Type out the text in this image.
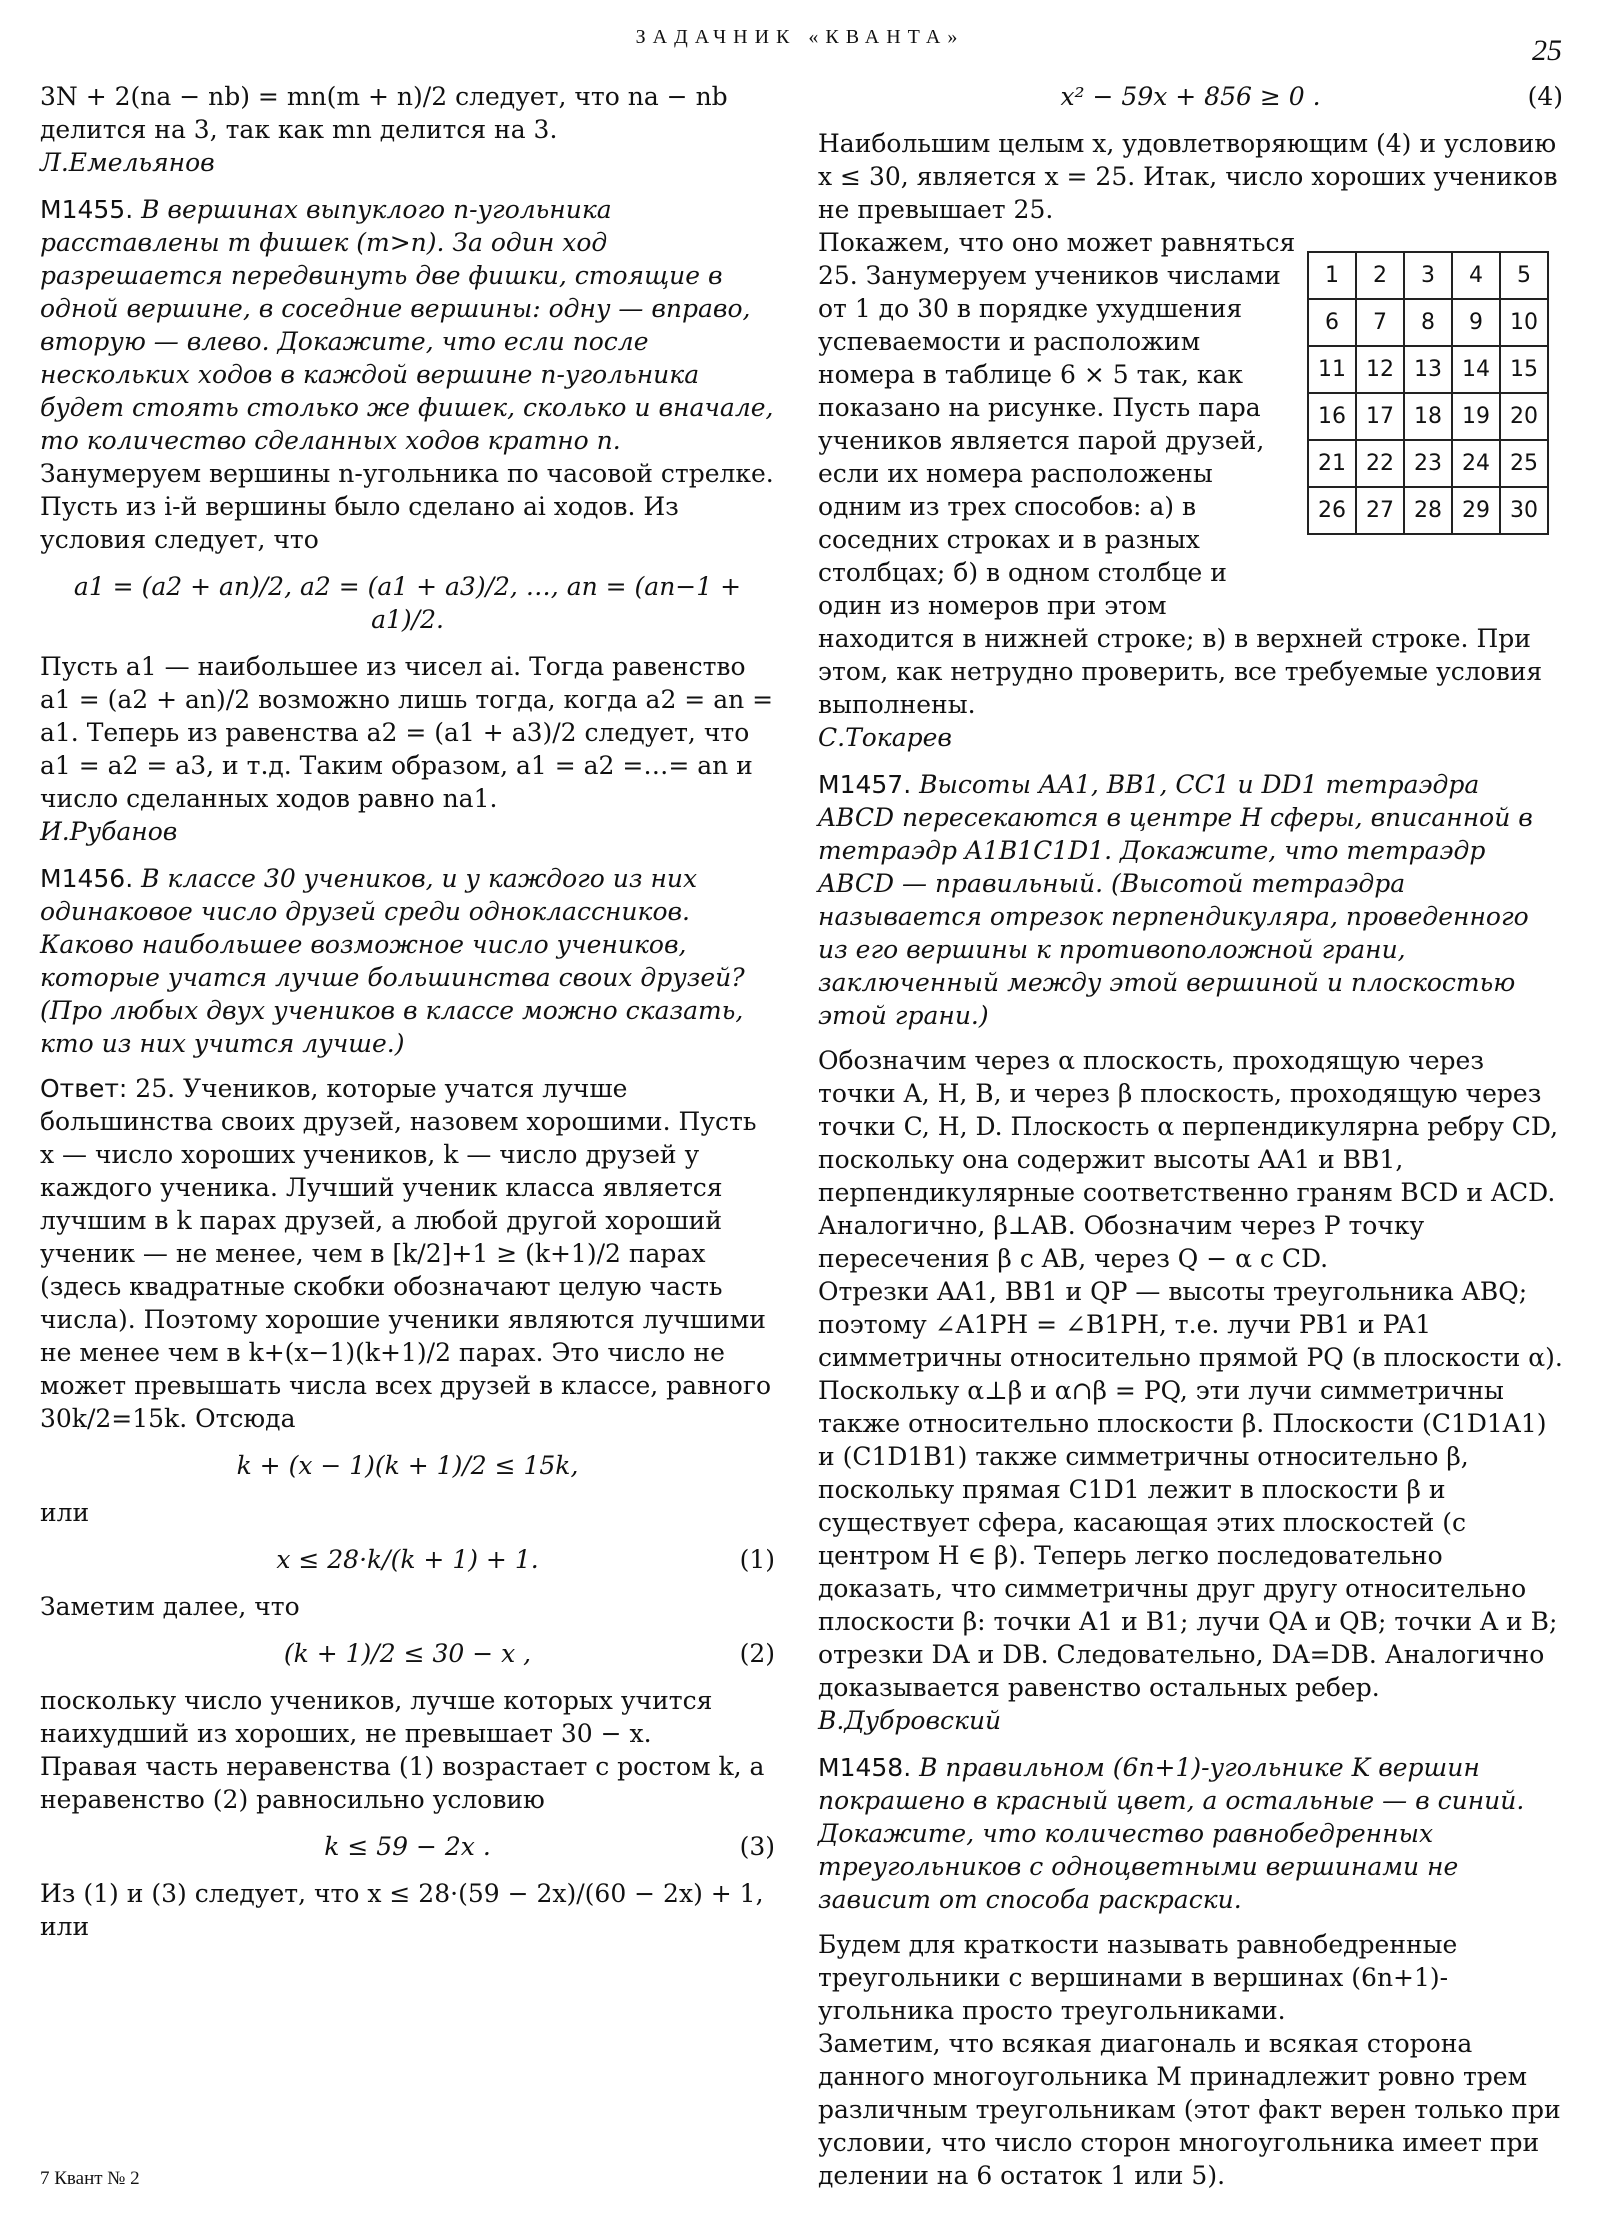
ЗАДАЧНИК «КВАНТА»	25

3N + 2(na − nb) = mn(m + n)/2 следует, что na − nb делится на 3, так как mn делится на 3.

Л.Емельянов

М1455. В вершинах выпуклого n-угольника расставлены m фишек (m>n). За один ход разрешается передвинуть две фишки, стоящие в одной вершине, в соседние вершины: одну — вправо, вторую — влево. Докажите, что если после нескольких ходов в каждой вершине n-угольника будет стоять столько же фишек, сколько и вначале, то количество сделанных ходов кратно n.

Занумеруем вершины n-угольника по часовой стрелке. Пусть из i-й вершины было сделано ai ходов. Из условия следует, что

a1 = (a2 + an)/2, a2 = (a1 + a3)/2, …, an = (an−1 + a1)/2.

Пусть a1 — наибольшее из чисел ai. Тогда равенство a1 = (a2 + an)/2 возможно лишь тогда, когда a2 = an = a1. Теперь из равенства a2 = (a1 + a3)/2 следует, что a1 = a2 = a3, и т.д. Таким образом, a1 = a2 =…= an и число сделанных ходов равно na1.

И.Рубанов

М1456. В классе 30 учеников, и у каждого из них одинаковое число друзей среди одноклассников. Каково наибольшее возможное число учеников, которые учатся лучше большинства своих друзей? (Про любых двух учеников в классе можно сказать, кто из них учится лучше.)

Ответ: 25. Учеников, которые учатся лучше большинства своих друзей, назовем хорошими. Пусть x — число хороших учеников, k — число друзей у каждого ученика. Лучший ученик класса является лучшим в k парах друзей, а любой другой хороший ученик — не менее, чем в [k/2]+1 ≥ (k+1)/2 парах (здесь квадратные скобки обозначают целую часть числа). Поэтому хорошие ученики являются лучшими не менее чем в k+(x−1)(k+1)/2 парах. Это число не может превышать числа всех друзей в классе, равного 30k/2=15k. Отсюда

k + (x − 1)(k + 1)/2 ≤ 15k,

или

x ≤ 28·k/(k + 1) + 1.	(1)

Заметим далее, что

(k + 1)/2 ≤ 30 − x ,	(2)

поскольку число учеников, лучше которых учится наихудший из хороших, не превышает 30 − x.

Правая часть неравенства (1) возрастает с ростом k, а неравенство (2) равносильно условию

k ≤ 59 − 2x .	(3)

Из (1) и (3) следует, что x ≤ 28·(59 − 2x)/(60 − 2x) + 1, или

x² − 59x + 856 ≥ 0 .	(4)

Наибольшим целым x, удовлетворяющим (4) и условию x ≤ 30, является x = 25. Итак, число хороших учеников не превышает 25.

Покажем, что оно может равняться 25. Занумеруем учеников числами от 1 до 30 в порядке ухудшения успеваемости и расположим номера в таблице 6 × 5 так, как показано на рисунке. Пусть пара учеников является парой друзей, если их номера расположены одним из трех способов: а) в соседних строках и в разных столбцах; б) в одном столбце и один из номеров при этом

находится в нижней строке; в) в верхней строке. При этом, как нетрудно проверить, все требуемые условия выполнены.

С.Токарев

М1457. Высоты AA1, BB1, CC1 и DD1 тетраэдра ABCD пересекаются в центре H сферы, вписанной в тетраэдр A1B1C1D1. Докажите, что тетраэдр ABCD — правильный. (Высотой тетраэдра называется отрезок перпендикуляра, проведенного из его вершины к противоположной грани, заключенный между этой вершиной и плоскостью этой грани.)

Обозначим через α плоскость, проходящую через точки A, H, B, и через β плоскость, проходящую через точки C, H, D. Плоскость α перпендикулярна ребру CD, поскольку она содержит высоты AA1 и BB1, перпендикулярные соответственно граням BCD и ACD. Аналогично, β⊥AB. Обозначим через P точку пересечения β с AB, через Q − α с CD.

Отрезки AA1, BB1 и QP — высоты треугольника ABQ; поэтому ∠A1PH = ∠B1PH, т.е. лучи PB1 и PA1 симметричны относительно прямой PQ (в плоскости α). Поскольку α⊥β и α∩β = PQ, эти лучи симметричны также относительно плоскости β. Плоскости (C1D1A1) и (C1D1B1) также симметричны относительно β, поскольку прямая C1D1 лежит в плоскости β и существует сфера, касающая этих плоскостей (с центром H ∈ β). Теперь легко последовательно доказать, что симметричны друг другу относительно плоскости β: точки A1 и B1; лучи QA и QB; точки A и B; отрезки DA и DB. Следовательно, DA=DB. Аналогично доказывается равенство остальных ребер.

В.Дубровский

М1458. В правильном (6n+1)-угольнике K вершин покрашено в красный цвет, а остальные — в синий. Докажите, что количество равнобедренных треугольников с одноцветными вершинами не зависит от способа раскраски.

Будем для краткости называть равнобедренные треугольники с вершинами в вершинах (6n+1)-угольника просто треугольниками.

Заметим, что всякая диагональ и всякая сторона данного многоугольника M принадлежит ровно трем различным треугольникам (этот факт верен только при условии, что число сторон многоугольника имеет при делении на 6 остаток 1 или 5).

1	2	3	4	5
6	7	8	9	10
11	12	13	14	15
16	17	18	19	20
21	22	23	24	25
26	27	28	29	30
7 Квант № 2
